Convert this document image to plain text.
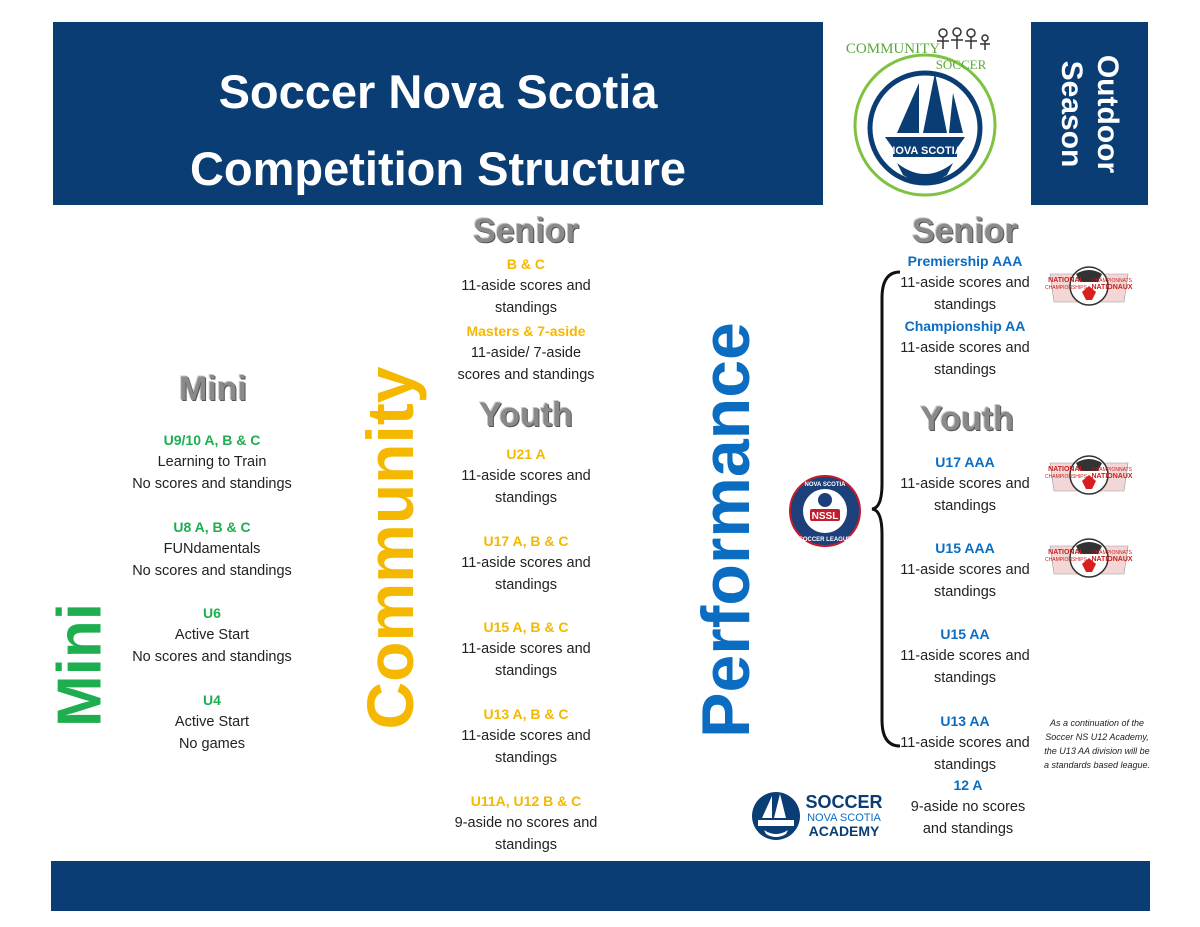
Soccer Nova Scotia
Competition Structure	NOVA SCOTIA
COMMUNITY
SOCCER	Outdoor
Season
Mini	Community	Performance
Mini
U9/10 A, B & C
Learning to Train
No scores and standings
U8 A, B & C
FUNdamentals
No scores and standings
U6
Active Start
No scores and standings
U4
Active Start
No games
Senior
B & C
11-aside scores and
standings
Masters & 7-aside
11-aside/ 7-aside
scores and standings
Youth
U21 A
11-aside scores and
standings
U17 A, B & C
11-aside scores and
standings
U15 A, B & C
11-aside scores and
standings
U13 A, B & C
11-aside scores and
standings
U11A, U12 B & C
9-aside no scores and
standings
Senior
Premiership AAA
11-aside scores and
standings
Championship AA
11-aside scores and
standings
Youth
U17 AAA
11-aside scores and
standings
U15 AAA
11-aside scores and
standings
U15 AA
11-aside scores and
standings
U13 AA
11-aside scores and
standings
12 A
9-aside no scores
and standings
NATIONAL
CHAMPIONSHIPS
CHAMPIONNATS
NATIONAUX
NATIONAL
CHAMPIONSHIPS
CHAMPIONNATS
NATIONAUX
NATIONAL
CHAMPIONSHIPS
CHAMPIONNATS
NATIONAUX
NSSL
NOVA SCOTIA
SOCCER LEAGUE
SOCCER
NOVA SCOTIA
ACADEMY
As a continuation of the
Soccer NS U12 Academy,
the U13 AA division will be
a standards based league.
